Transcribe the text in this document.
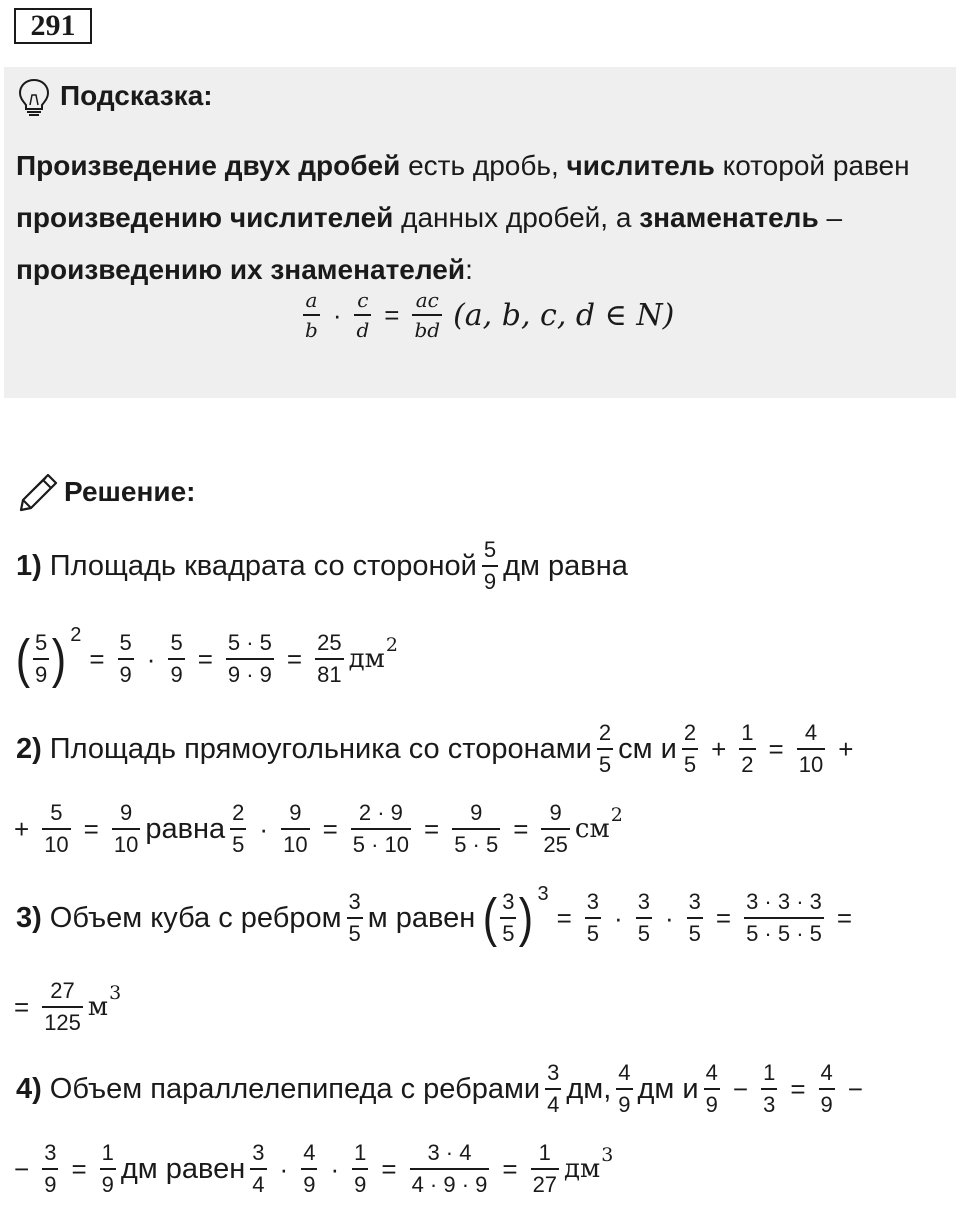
291
Подсказка:
Произведение двух дробей есть дробь, числитель которой равен произведению числителей данных дробей, а знаменатель – произведению их знаменателей:
$\frac{a}{b} \cdot \frac{c}{d} = \frac{ac}{bd} (a$, b, c, d ∈ N)
Решение:
1) Площадь квадрата со стороной $\frac{5}{9}$ дм равна
( $\frac{5}{9}$ ) 2
= $\frac{5}{9} \cdot \frac{5}{9} = \frac{5 \cdot 5}{9 \cdot 9} = \frac{25}{81}$ дм 2
2) Площадь прямоугольника со сторонами $\frac{2}{5}$ см и $\frac{2}{5} + \frac{1}{2} = \frac{4}{10}$ +
+ $\frac{5}{10} = \frac{9}{10}$ равна $\frac{2}{5} \cdot \frac{9}{10} = \frac{2 \cdot 9}{5 \cdot 10} = \frac{9}{5 \cdot 5} = \frac{9}{25}$ см 2
3) Объем куба с ребром $\frac{3}{5}$ м равен ( $\frac{3}{5}$ ) 3
= $\frac{3}{5} \cdot \frac{3}{5} \cdot \frac{3}{5} = \frac{3 \cdot 3 \cdot 3}{5 \cdot 5 \cdot 5}$ =
= $\frac{27}{125}$ м 3
4) Объем параллелепипеда с ребрами $\frac{3}{4}$ дм, $\frac{4}{9}$ дм и $\frac{4}{9} - \frac{1}{3} = \frac{4}{9}$ −
− $\frac{3}{9} = \frac{1}{9}$ дм равен $\frac{3}{4} \cdot \frac{4}{9} \cdot \frac{1}{9} = \frac{3 \cdot 4}{4 \cdot 9 \cdot 9} = \frac{1}{27}$ дм 3
